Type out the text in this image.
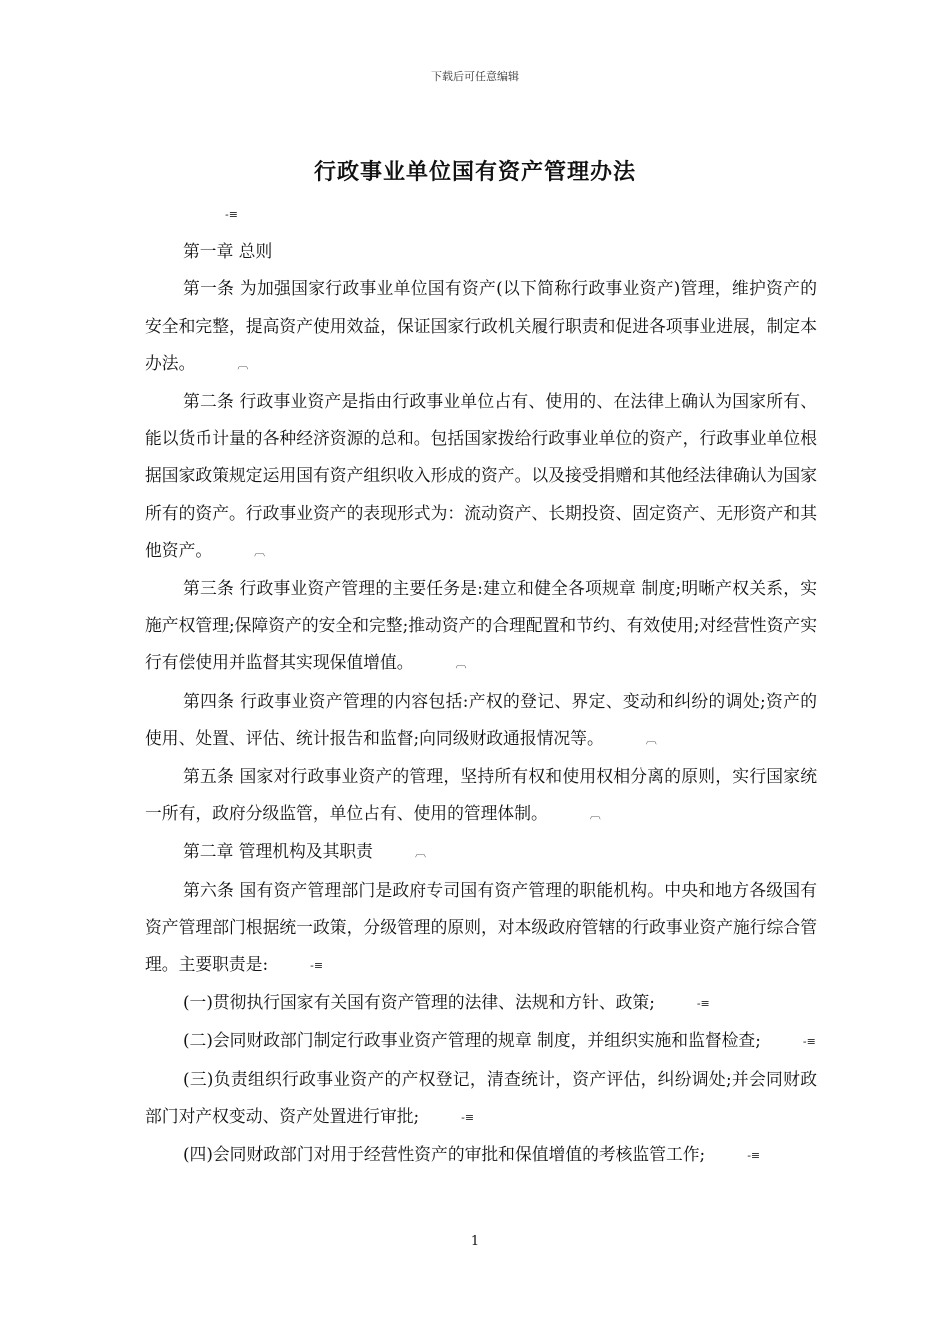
下载后可任意编辑
行政事业单位国有资产管理办法

-≡

第一章 总则

第一条 为加强国家行政事业单位国有资产(以下简称行政事业资产)管理，维护资产的安全和完整，提高资产使用效益，保证国家行政机关履行职责和促进各项事业进展，制定本办法。	︹

第二条 行政事业资产是指由行政事业单位占有、使用的、在法律上确认为国家所有、能以货币计量的各种经济资源的总和。包括国家拨给行政事业单位的资产，行政事业单位根据国家政策规定运用国有资产组织收入形成的资产。以及接受捐赠和其他经法律确认为国家所有的资产。行政事业资产的表现形式为：流动资产、长期投资、固定资产、无形资产和其他资产。	︹

第三条 行政事业资产管理的主要任务是:建立和健全各项规章 制度;明晰产权关系，实施产权管理;保障资产的安全和完整;推动资产的合理配置和节约、有效使用;对经营性资产实行有偿使用并监督其实现保值增值。	︹

第四条 行政事业资产管理的内容包括:产权的登记、界定、变动和纠纷的调处;资产的使用、处置、评估、统计报告和监督;向同级财政通报情况等。	︹

第五条 国家对行政事业资产的管理，坚持所有权和使用权相分离的原则，实行国家统一所有，政府分级监管，单位占有、使用的管理体制。	︹

第二章 管理机构及其职责	︹

第六条 国有资产管理部门是政府专司国有资产管理的职能机构。中央和地方各级国有资产管理部门根据统一政策，分级管理的原则，对本级政府管辖的行政事业资产施行综合管理。主要职责是:	-≡

(一)贯彻执行国家有关国有资产管理的法律、法规和方针、政策;	-≡

(二)会同财政部门制定行政事业资产管理的规章 制度，并组织实施和监督检查;	-≡

(三)负责组织行政事业资产的产权登记，清查统计，资产评估，纠纷调处;并会同财政部门对产权变动、资产处置进行审批;	-≡

(四)会同财政部门对用于经营性资产的审批和保值增值的考核监管工作;	-≡

1
